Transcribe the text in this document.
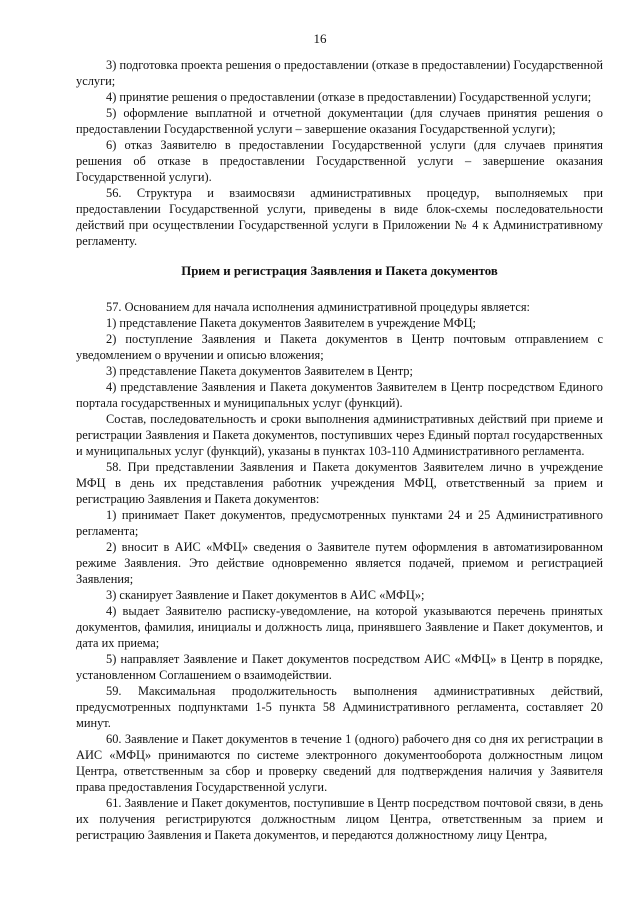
16

3) подготовка проекта решения о предоставлении (отказе в предоставлении) Государственной услуги;

4) принятие решения о предоставлении (отказе в предоставлении) Государственной услуги;

5) оформление выплатной и отчетной документации (для случаев принятия решения о предоставлении Государственной услуги – завершение оказания Государственной услуги);

6) отказ Заявителю в предоставлении Государственной услуги (для случаев принятия решения об отказе в предоставлении Государственной услуги – завершение оказания Государственной услуги).

56. Структура и взаимосвязи административных процедур, выполняемых при предоставлении Государственной услуги, приведены в виде блок-схемы последовательности действий при осуществлении Государственной услуги в Приложении № 4 к Административному регламенту.

Прием и регистрация Заявления и Пакета документов

57. Основанием для начала исполнения административной процедуры является:

1) представление Пакета документов Заявителем в учреждение МФЦ;

2) поступление Заявления и Пакета документов в Центр почтовым отправлением с уведомлением о вручении и описью вложения;

3) представление Пакета документов Заявителем в Центр;

4) представление Заявления и Пакета документов Заявителем в Центр посредством Единого портала государственных и муниципальных услуг (функций).

Состав, последовательность и сроки выполнения административных действий при приеме и регистрации Заявления и Пакета документов, поступивших через Единый портал государственных и муниципальных услуг (функций), указаны в пунктах 103-110 Административного регламента.

58. При представлении Заявления и Пакета документов Заявителем лично в учреждение МФЦ в день их представления работник учреждения МФЦ, ответственный за прием и регистрацию Заявления и Пакета документов:

1) принимает Пакет документов, предусмотренных пунктами 24 и 25 Административного регламента;

2) вносит в АИС «МФЦ» сведения о Заявителе путем оформления в автоматизированном режиме Заявления. Это действие одновременно является подачей, приемом и регистрацией Заявления;

3) сканирует Заявление и Пакет документов в АИС «МФЦ»;

4) выдает Заявителю расписку-уведомление, на которой указываются перечень принятых документов, фамилия, инициалы и должность лица, принявшего Заявление и Пакет документов, и дата их приема;

5) направляет Заявление и Пакет документов посредством АИС «МФЦ» в Центр в порядке, установленном Соглашением о взаимодействии.

59. Максимальная продолжительность выполнения административных действий, предусмотренных подпунктами 1-5 пункта 58 Административного регламента, составляет 20 минут.

60. Заявление и Пакет документов в течение 1 (одного) рабочего дня со дня их регистрации в АИС «МФЦ» принимаются по системе электронного документооборота должностным лицом Центра, ответственным за сбор и проверку сведений для подтверждения наличия у Заявителя права предоставления Государственной услуги.

61. Заявление и Пакет документов, поступившие в Центр посредством почтовой связи, в день их получения регистрируются должностным лицом Центра, ответственным за прием и регистрацию Заявления и Пакета документов, и передаются должностному лицу Центра,
